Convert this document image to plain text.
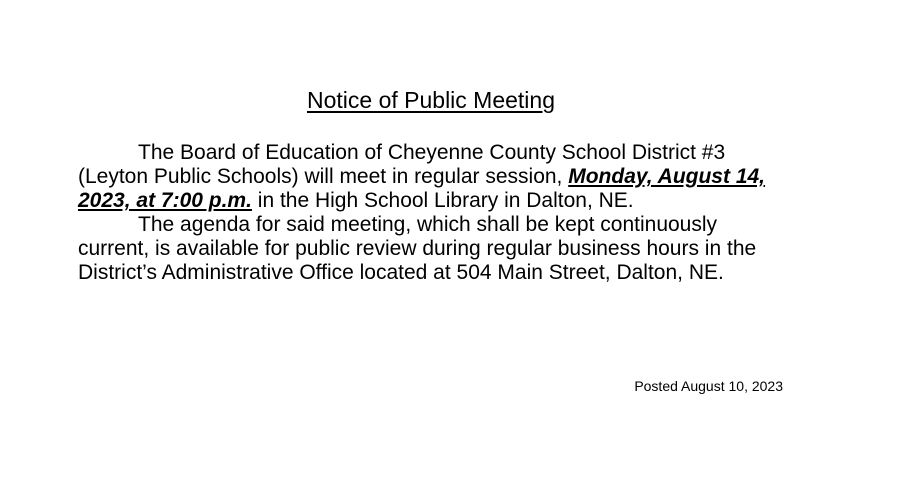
Notice of Public Meeting

The Board of Education of Cheyenne County School District #3 (Leyton Public Schools) will meet in regular session, Monday, August 14, 2023, at 7:00 p.m. in the High School Library in Dalton, NE.

The agenda for said meeting, which shall be kept continuously current, is available for public review during regular business hours in the District’s Administrative Office located at 504 Main Street, Dalton, NE.

Posted August 10, 2023
